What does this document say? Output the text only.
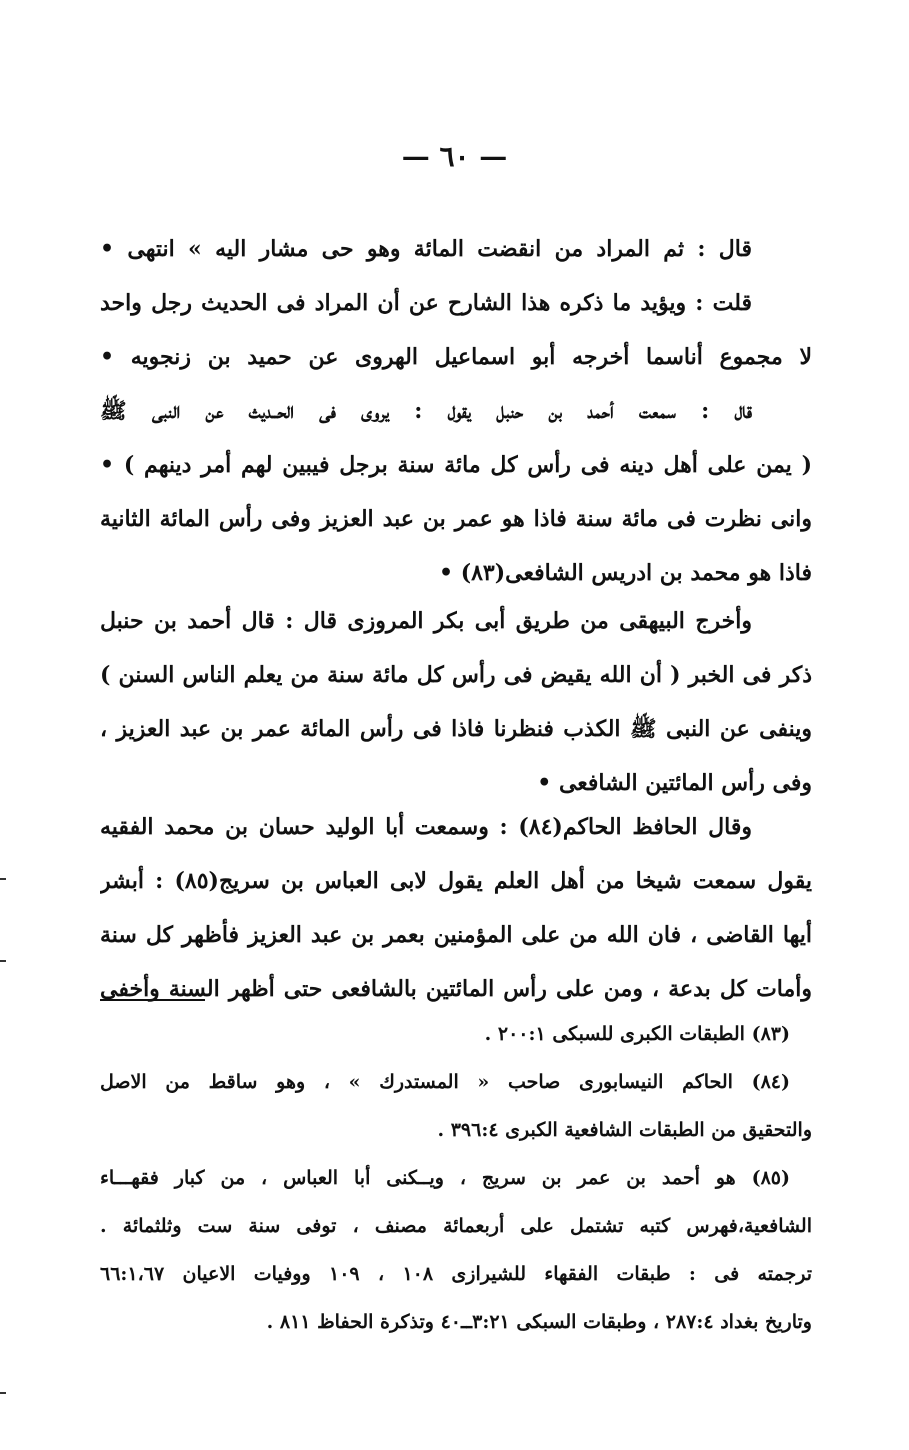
— ٦٠ —
قال : ثم المراد من انقضت المائة وهو حى مشار اليه » انتهى •
قلت : ويؤيد ما ذكره هذا الشارح عن أن المراد فى الحديث رجل واحد
لا مجموع أناسما أخرجه أبو اسماعيل الهروى عن حميد بن زنجويه •
قال : سمعت أحمد بن حنبل يقول : يروى فى الحــديث عن النبى ﷺ
( يمن على أهل دينه فى رأس كل مائة سنة برجل فيبين لهم أمر دينهم ) •
وانى نظرت فى مائة سنة فاذا هو عمر بن عبد العزيز وفى رأس المائة الثانية
فاذا هو محمد بن ادريس الشافعى(٨٣) •
وأخرج البيهقى من طريق أبى بكر المروزى قال : قال أحمد بن حنبل
ذكر فى الخبر ( أن الله يقيض فى رأس كل مائة سنة من يعلم الناس السنن )
وينفى عن النبى ﷺ الكذب فنظرنا فاذا فى رأس المائة عمر بن عبد العزيز ،
وفى رأس المائتين الشافعى •
وقال الحافظ الحاكم(٨٤) : وسمعت أبا الوليد حسان بن محمد الفقيه
يقول سمعت شيخا من أهل العلم يقول لابى العباس بن سريج(٨٥) : أبشر
أيها القاضى ، فان الله من على المؤمنين بعمر بن عبد العزيز فأظهر كل سنة
وأمات كل بدعة ، ومن على رأس المائتين بالشافعى حتى أظهر السنة وأخفى
(٨٣) الطبقات الكبرى للسبكى ٢٠٠:١ .
(٨٤) الحاكم النيسابورى صاحب « المستدرك » ، وهو ساقط من الاصل
والتحقيق من الطبقات الشافعية الكبرى ٣٩٦:٤ .
(٨٥) هو أحمد بن عمر بن سريج ، ويــكنى أبا العباس ، من كبار فقهـــاء
الشافعية،فهرس كتبه تشتمل على أربعمائة مصنف ، توفى سنة ست وثلثمائة .
ترجمته فى : طبقات الفقهاء للشيرازى ١٠٨ ، ١٠٩ ووفيات الاعيان ٦٦:١،٦٧
وتاريخ بغداد ٢٨٧:٤ ، وطبقات السبكى ٣:٢١ــ٤٠ وتذكرة الحفاظ ٨١١ .
